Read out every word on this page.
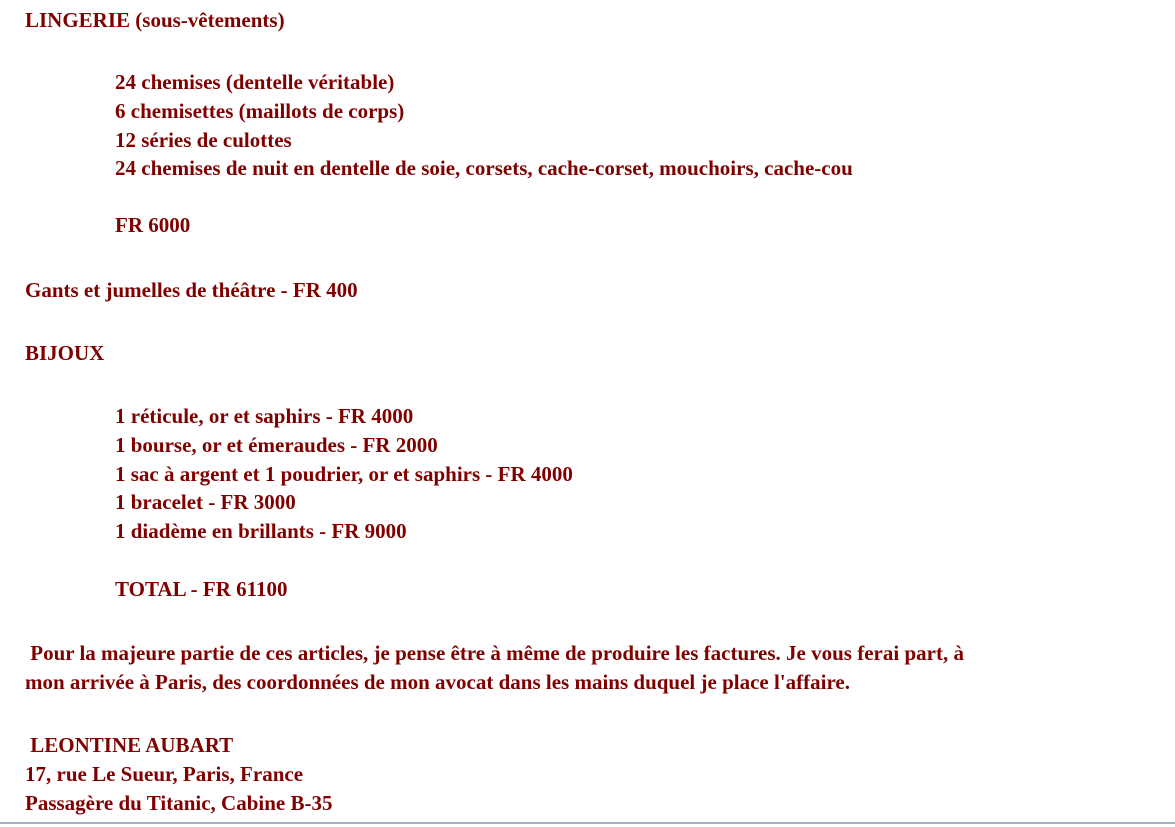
LINGERIE (sous-vêtements)
24 chemises (dentelle véritable)
6 chemisettes (maillots de corps)
12 séries de culottes
24 chemises de nuit en dentelle de soie, corsets, cache-corset, mouchoirs, cache-cou
FR 6000
Gants et jumelles de théâtre - FR 400
BIJOUX
1 réticule, or et saphirs - FR 4000
1 bourse, or et émeraudes - FR 2000
1 sac à argent et 1 poudrier, or et saphirs - FR 4000
1 bracelet - FR 3000
1 diadème en brillants - FR 9000
TOTAL - FR 61100
Pour la majeure partie de ces articles, je pense être à même de produire les factures. Je vous ferai part, à
mon arrivée à Paris, des coordonnées de mon avocat dans les mains duquel je place l'affaire.
LEONTINE AUBART
17, rue Le Sueur, Paris, France
Passagère du Titanic, Cabine B-35
